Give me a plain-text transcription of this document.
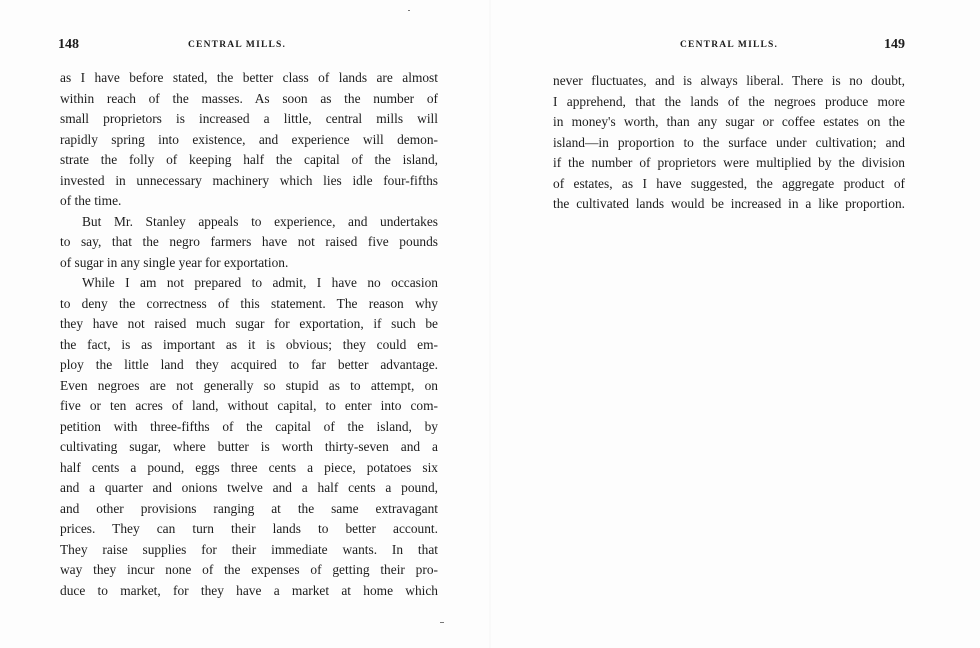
148	CENTRAL MILLS.
as I have before stated, the better class of lands are almost
within reach of the masses. As soon as the number of
small proprietors is increased a little, central mills will
rapidly spring into existence, and experience will demon-
strate the folly of keeping half the capital of the island,
invested in unnecessary machinery which lies idle four-fifths
of the time.
But Mr. Stanley appeals to experience, and undertakes
to say, that the negro farmers have not raised five pounds
of sugar in any single year for exportation.
While I am not prepared to admit, I have no occasion
to deny the correctness of this statement. The reason why
they have not raised much sugar for exportation, if such be
the fact, is as important as it is obvious; they could em-
ploy the little land they acquired to far better advantage.
Even negroes are not generally so stupid as to attempt, on
five or ten acres of land, without capital, to enter into com-
petition with three-fifths of the capital of the island, by
cultivating sugar, where butter is worth thirty-seven and a
half cents a pound, eggs three cents a piece, potatoes six
and a quarter and onions twelve and a half cents a pound,
and other provisions ranging at the same extravagant
prices. They can turn their lands to better account.
They raise supplies for their immediate wants. In that
way they incur none of the expenses of getting their pro-
duce to market, for they have a market at home which
CENTRAL MILLS.	149
never fluctuates, and is always liberal. There is no doubt,
I apprehend, that the lands of the negroes produce more
in money's worth, than any sugar or coffee estates on the
island—in proportion to the surface under cultivation; and
if the number of proprietors were multiplied by the division
of estates, as I have suggested, the aggregate product of
the cultivated lands would be increased in a like proportion.
